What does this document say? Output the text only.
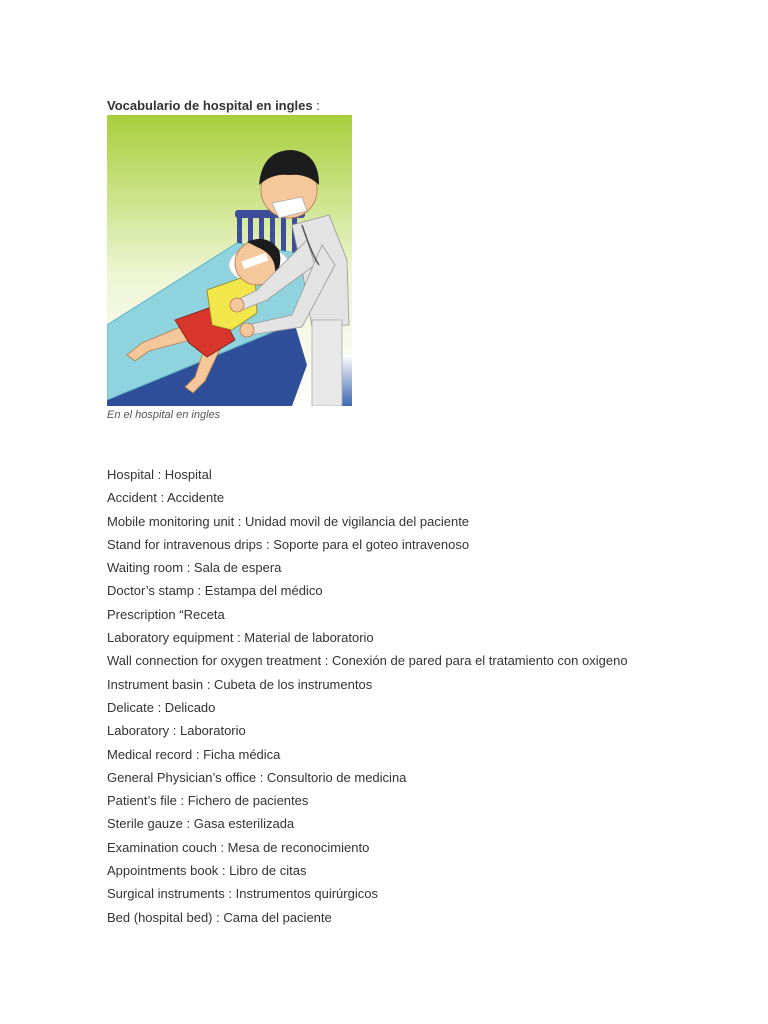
Vocabulario de hospital en ingles :
En el hospital en ingles
Hospital : Hospital
Accident : Accidente
Mobile monitoring unit : Unidad movil de vigilancia del paciente
Stand for intravenous drips : Soporte para el goteo intravenoso
Waiting room : Sala de espera
Doctor’s stamp : Estampa del médico
Prescription “Receta
Laboratory equipment : Material de laboratorio
Wall connection for oxygen treatment : Conexión de pared para el tratamiento con oxigeno
Instrument basin : Cubeta de los instrumentos
Delicate : Delicado
Laboratory : Laboratorio
Medical record : Ficha médica
General Physician’s office : Consultorio de medicina
Patient’s file : Fichero de pacientes
Sterile gauze : Gasa esterilizada
Examination couch : Mesa de reconocimiento
Appointments book : Libro de citas
Surgical instruments : Instrumentos quirúrgicos
Bed (hospital bed) : Cama del paciente
